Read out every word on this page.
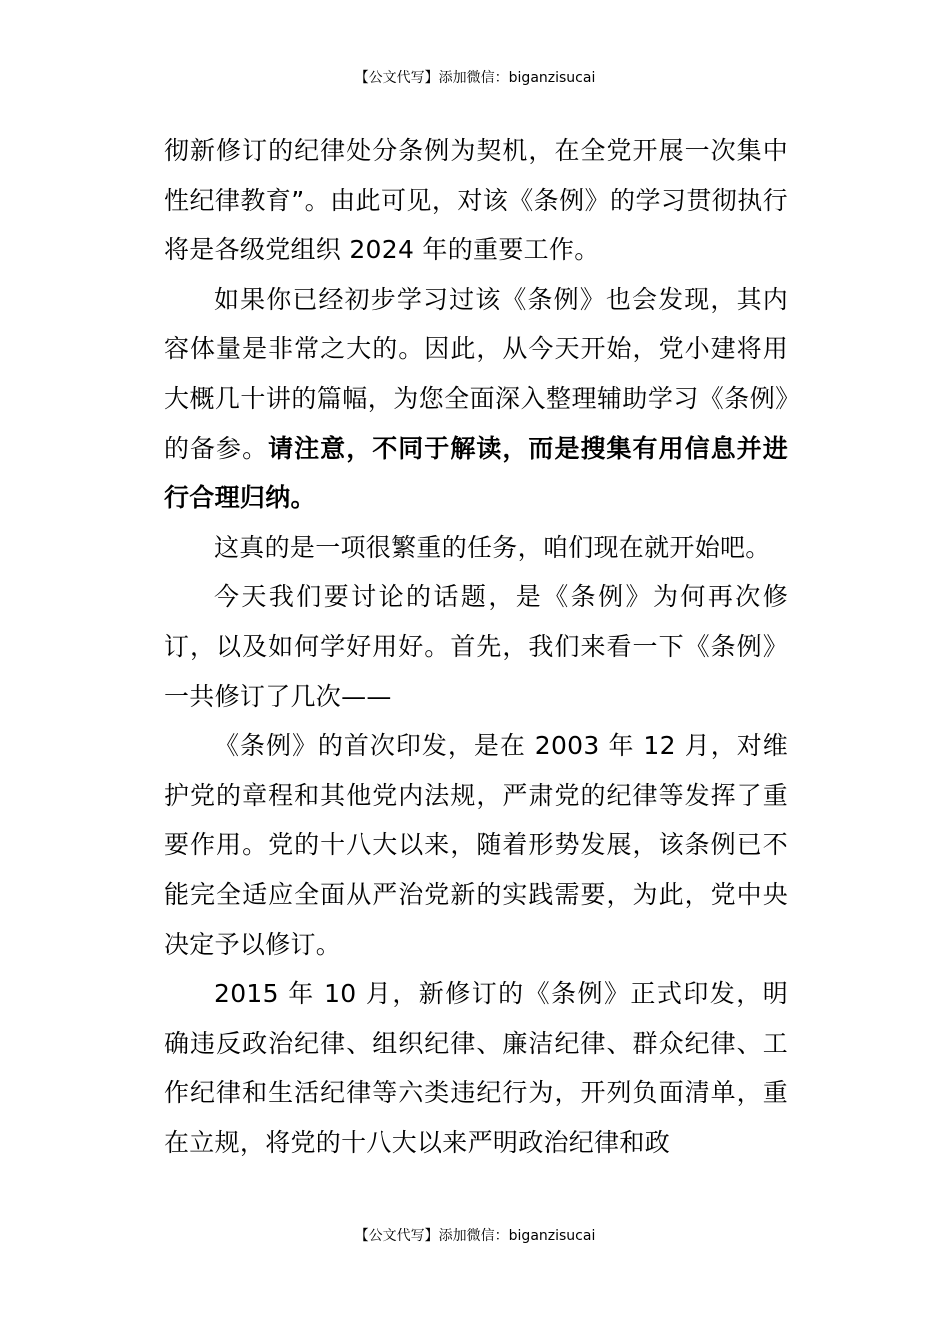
【公文代写】添加微信：biganzisucai

彻新修订的纪律处分条例为契机，在全党开展一次集中性纪律教育”。由此可见，对该《条例》的学习贯彻执行将是各级党组织 2024 年的重要工作。

如果你已经初步学习过该《条例》也会发现，其内容体量是非常之大的。因此，从今天开始，党小建将用大概几十讲的篇幅，为您全面深入整理辅助学习《条例》的备参。请注意，不同于解读，而是搜集有用信息并进行合理归纳。

这真的是一项很繁重的任务，咱们现在就开始吧。

今天我们要讨论的话题，是《条例》为何再次修订，以及如何学好用好。首先，我们来看一下《条例》一共修订了几次——

《条例》的首次印发，是在 2003 年 12 月，对维护党的章程和其他党内法规，严肃党的纪律等发挥了重要作用。党的十八大以来，随着形势发展，该条例已不能完全适应全面从严治党新的实践需要，为此，党中央决定予以修订。

2015 年 10 月，新修订的《条例》正式印发，明确违反政治纪律、组织纪律、廉洁纪律、群众纪律、工作纪律和生活纪律等六类违纪行为，开列负面清单，重在立规，将党的十八大以来严明政治纪律和政

【公文代写】添加微信：biganzisucai
